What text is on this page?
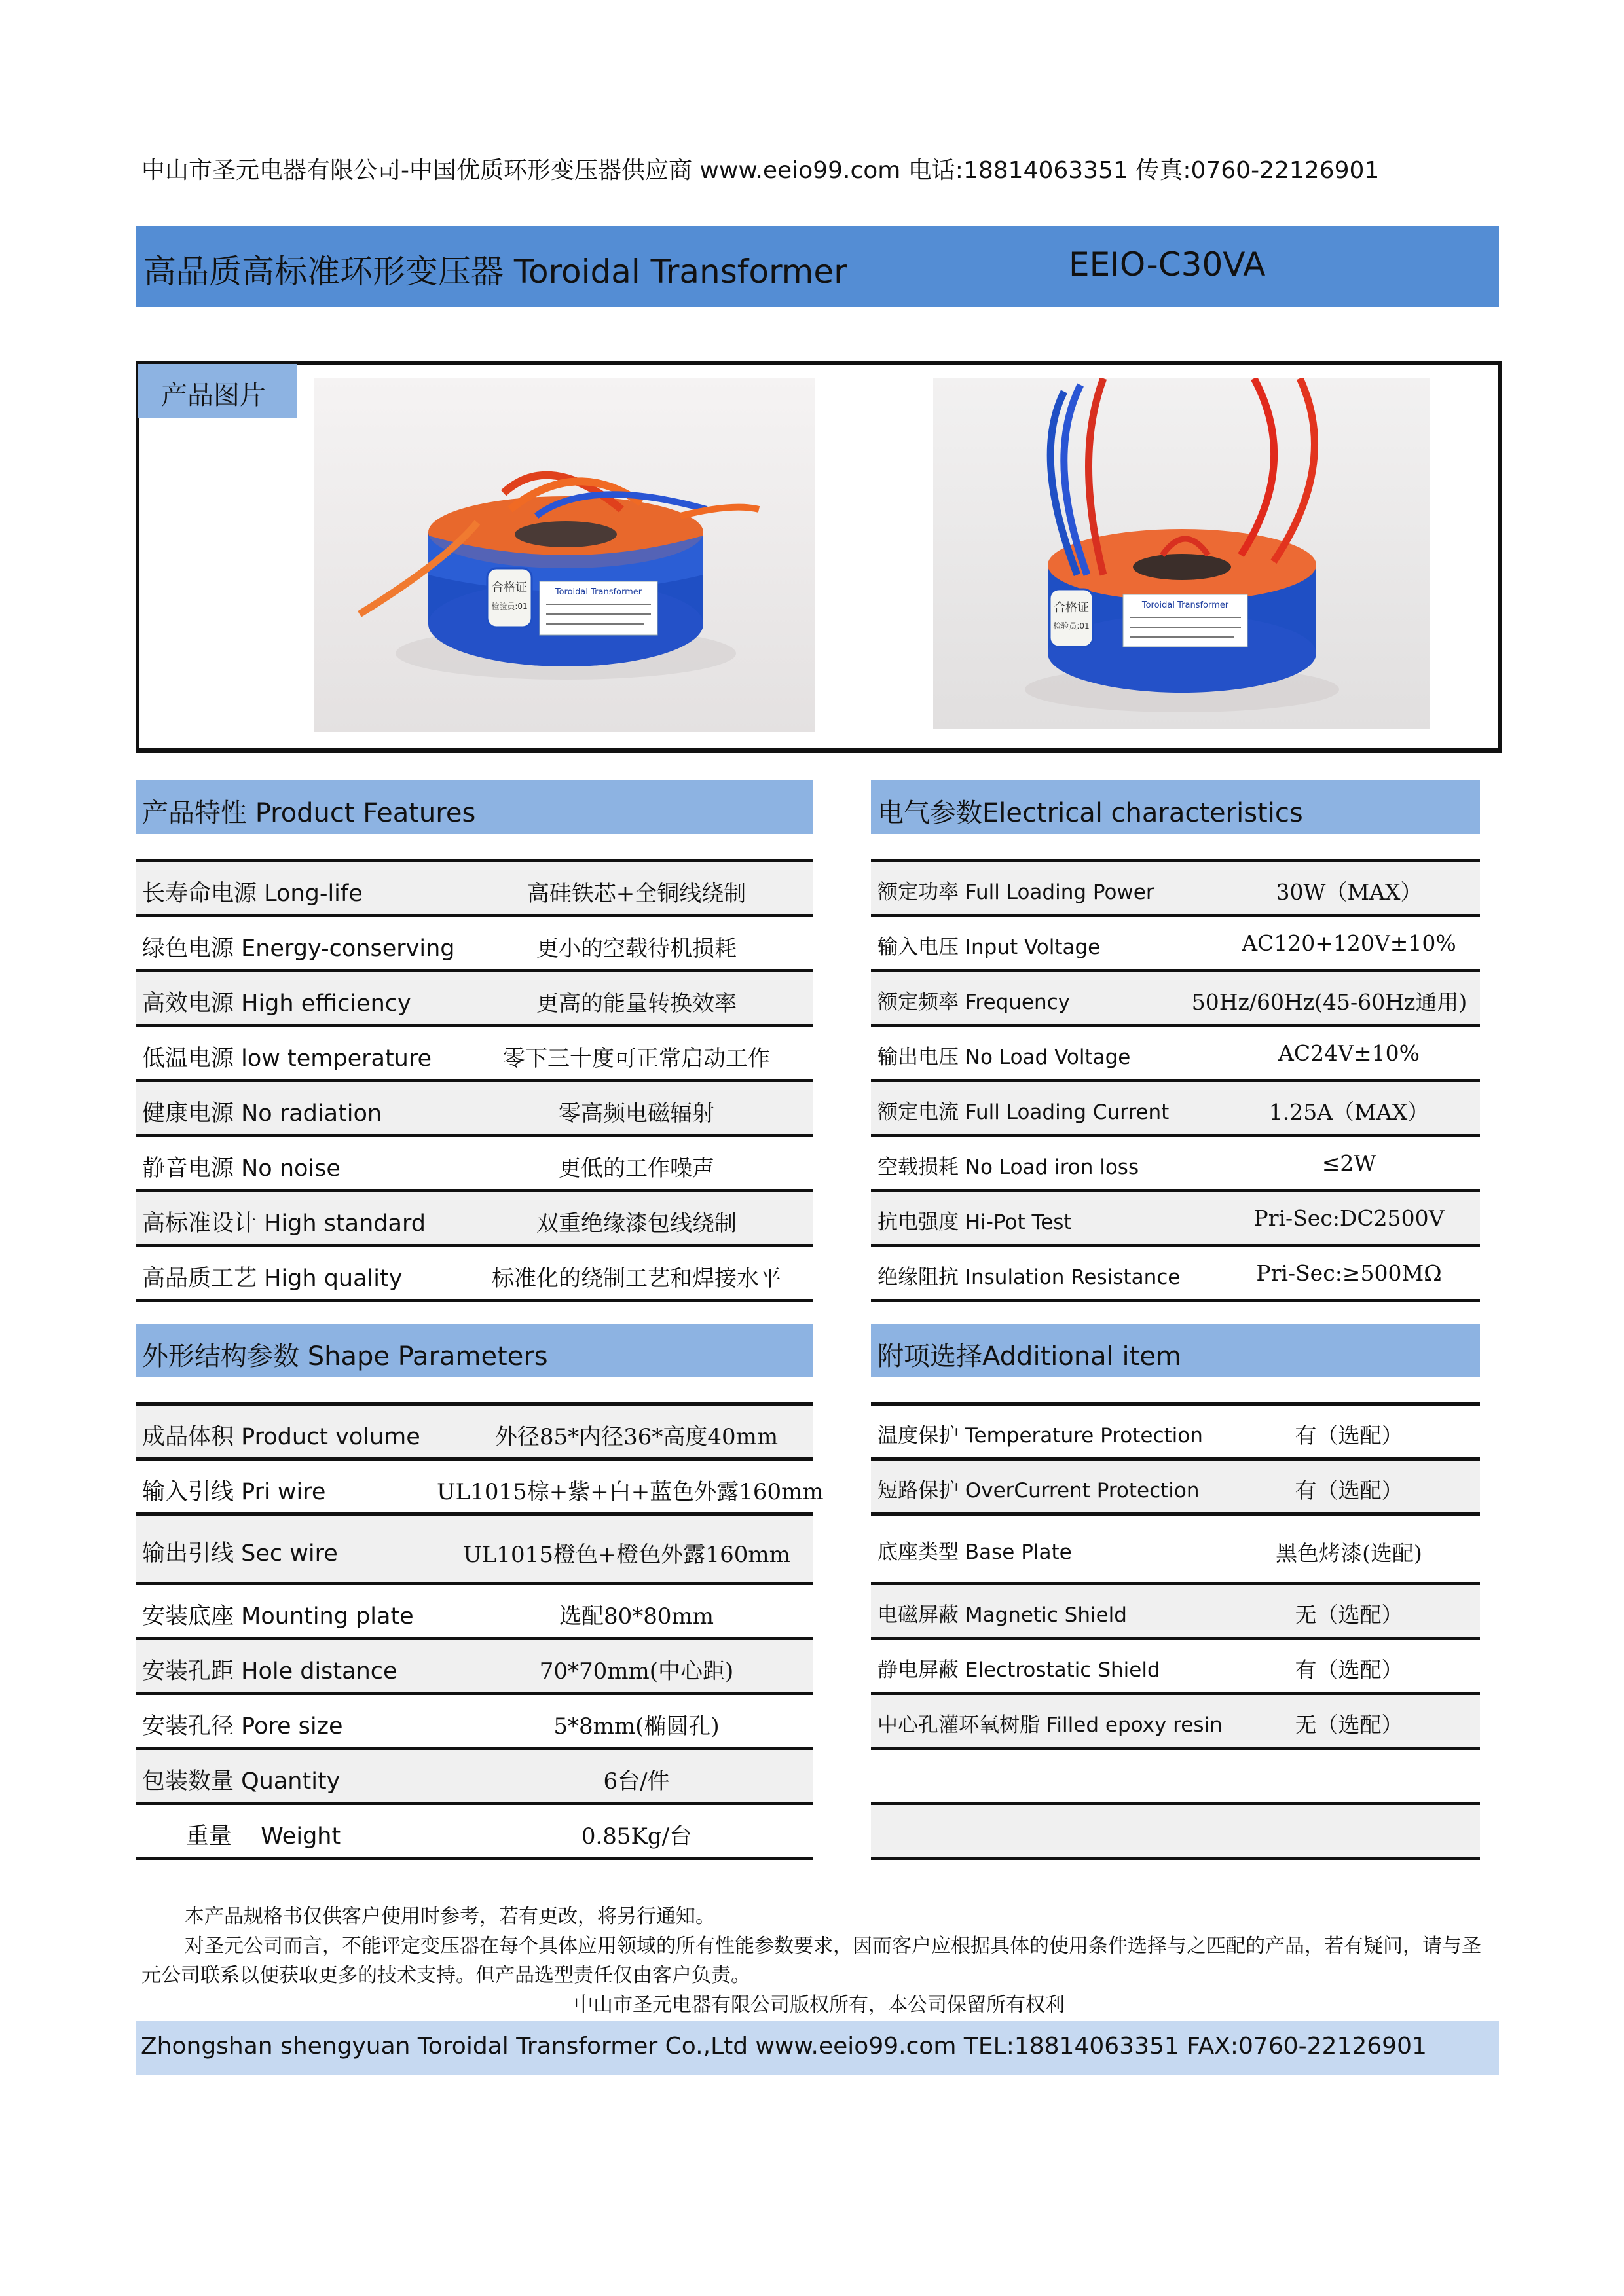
中山市圣元电器有限公司-中国优质环形变压器供应商 www.eeio99.com 电话:18814063351 传真:0760-22126901
高品质高标准环形变压器 Toroidal Transformer	EEIO-C30VA
产品图片
合格证
检验员:01
Toroidal Transformer
合格证
检验员:01
Toroidal Transformer
产品特性 Product Features
长寿命电源 Long-life	高硅铁芯+全铜线绕制
绿色电源 Energy-conserving	更小的空载待机损耗
高效电源 High efficiency	更高的能量转换效率
低温电源 low temperature	零下三十度可正常启动工作
健康电源 No radiation	零高频电磁辐射
静音电源 No noise	更低的工作噪声
高标准设计 High standard	双重绝缘漆包线绕制
高品质工艺 High quality	标准化的绕制工艺和焊接水平
电气参数Electrical characteristics
额定功率 Full Loading Power	30W（MAX）
输入电压 Input Voltage	AC120+120V±10%
额定频率 Frequency	50Hz/60Hz(45-60Hz通用)
输出电压 No Load Voltage	AC24V±10%
额定电流 Full Loading Current	1.25A（MAX）
空载损耗 No Load iron loss	≤2W
抗电强度 Hi-Pot Test	Pri-Sec:DC2500V
绝缘阻抗 Insulation Resistance	Pri-Sec:≥500MΩ
外形结构参数 Shape Parameters
成品体积 Product volume	外径85*内径36*高度40mm
输入引线 Pri wire	UL1015棕+紫+白+蓝色外露160mm
输出引线 Sec wire	UL1015橙色+橙色外露160mm
安装底座 Mounting plate	选配80*80mm
安装孔距 Hole distance	70*70mm(中心距)
安装孔径 Pore size	5*8mm(椭圆孔)
包装数量 Quantity	6台/件
重量    Weight	0.85Kg/台
附项选择Additional item
温度保护 Temperature Protection	有（选配）
短路保护 OverCurrent Protection	有（选配）
底座类型 Base Plate	黑色烤漆(选配)
电磁屏蔽 Magnetic Shield	无（选配）
静电屏蔽 Electrostatic Shield	有（选配）
中心孔灌环氧树脂 Filled epoxy resin	无（选配）
本产品规格书仅供客户使用时参考，若有更改，将另行通知。
对圣元公司而言，不能评定变压器在每个具体应用领域的所有性能参数要求，因而客户应根据具体的使用条件选择与之匹配的产品，若有疑问，请与圣元公司联系以便获取更多的技术支持。但产品选型责任仅由客户负责。
中山市圣元电器有限公司版权所有，本公司保留所有权利
Zhongshan shengyuan Toroidal Transformer Co.,Ltd www.eeio99.com TEL:18814063351 FAX:0760-22126901
